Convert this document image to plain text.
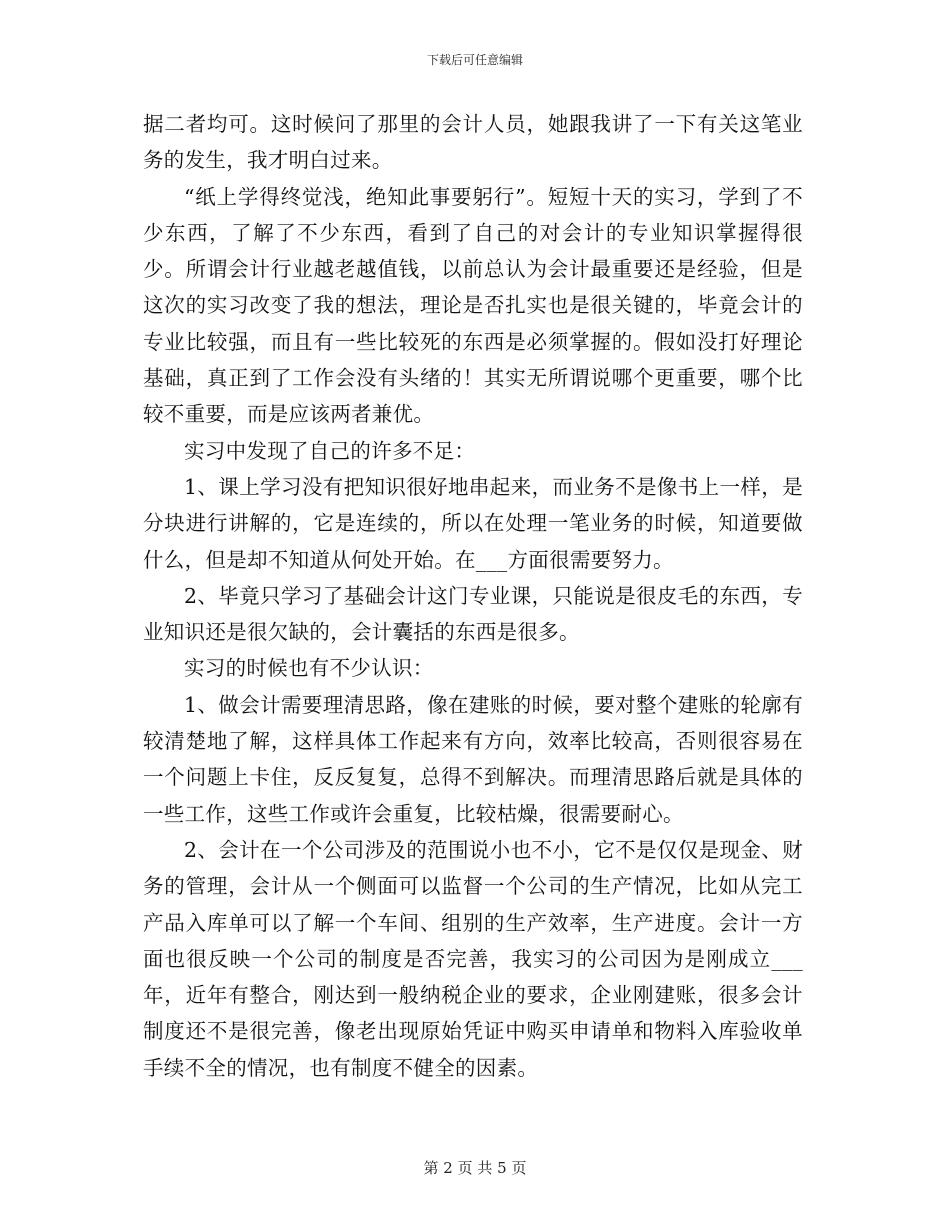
下载后可任意编辑

据二者均可。这时候问了那里的会计人员，她跟我讲了一下有关这笔业务的发生，我才明白过来。

“纸上学得终觉浅，绝知此事要躬行”。短短十天的实习，学到了不少东西，了解了不少东西，看到了自己的对会计的专业知识掌握得很少。所谓会计行业越老越值钱，以前总认为会计最重要还是经验，但是这次的实习改变了我的想法，理论是否扎实也是很关键的，毕竟会计的专业比较强，而且有一些比较死的东西是必须掌握的。假如没打好理论基础，真正到了工作会没有头绪的！其实无所谓说哪个更重要，哪个比较不重要，而是应该两者兼优。

实习中发现了自己的许多不足：

1、课上学习没有把知识很好地串起来，而业务不是像书上一样，是分块进行讲解的，它是连续的，所以在处理一笔业务的时候，知道要做什么，但是却不知道从何处开始。在___方面很需要努力。

2、毕竟只学习了基础会计这门专业课，只能说是很皮毛的东西，专业知识还是很欠缺的，会计囊括的东西是很多。

实习的时候也有不少认识：

1、做会计需要理清思路，像在建账的时候，要对整个建账的轮廓有较清楚地了解，这样具体工作起来有方向，效率比较高，否则很容易在一个问题上卡住，反反复复，总得不到解决。而理清思路后就是具体的一些工作，这些工作或许会重复，比较枯燥，很需要耐心。

2、会计在一个公司涉及的范围说小也不小，它不是仅仅是现金、财务的管理，会计从一个侧面可以监督一个公司的生产情况，比如从完工产品入库单可以了解一个车间、组别的生产效率，生产进度。会计一方面也很反映一个公司的制度是否完善，我实习的公司因为是刚成立___年，近年有整合，刚达到一般纳税企业的要求，企业刚建账，很多会计制度还不是很完善，像老出现原始凭证中购买申请单和物料入库验收单手续不全的情况，也有制度不健全的因素。

第 2 页 共 5 页
